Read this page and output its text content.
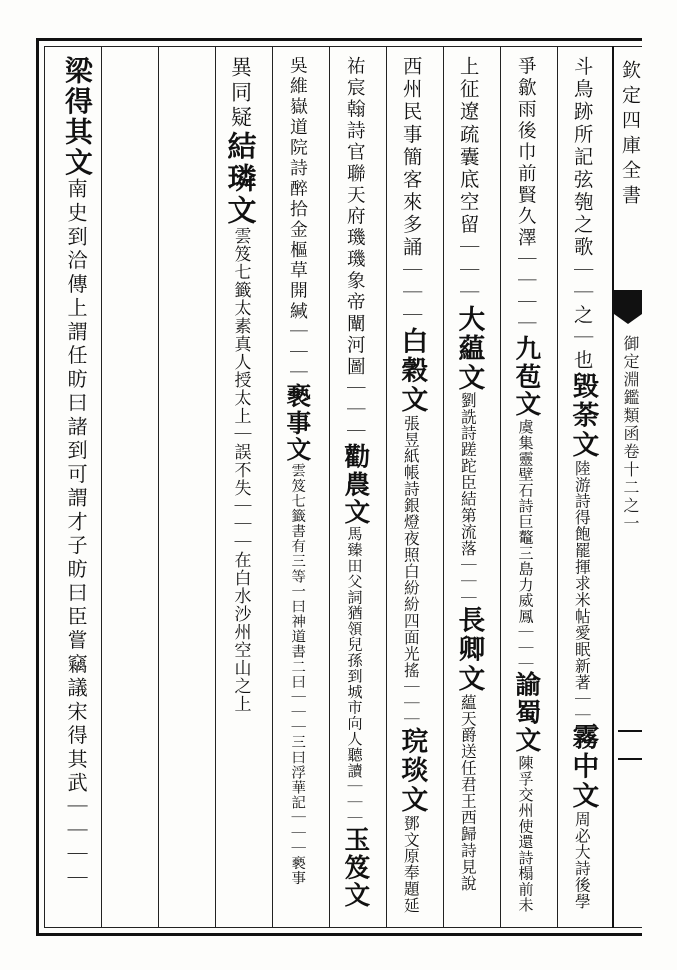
斗鳥跡所記弦匏之歌｜｜之｜也
毀荼文
陸游詩得飽罷揮求米帖愛眠新著｜｜
霧中文
周必大詩後學
爭歙雨後巾前賢久澤｜｜｜｜
九苞文
虞集靈壁石詩巨鼇三島力威鳳｜｜｜
諭蜀文
陳孚交州使還詩榻前未
上征遼疏囊底空留｜｜｜
大藴文
劉詵詩蹉跎臣結第流落｜｜｜
長卿文
藴天爵送任君王西歸詩見說
西州民事簡客來多誦｜｜｜
白穀文
張昱紙帳詩銀燈夜照白紛紛四面光搖｜｜｜
琓琰文
鄧文原奉題延
祐宸翰詩官聯天府璣璣象帝闡河圖｜｜｜
勸農文
馬臻田父詞猶領兒孫到城市向人聽讀｜｜｜
玉笈文
吳維嶽道院詩醉拾金樞草開緘｜｜｜
褻事文
雲笈七籤書有三等一曰神道書二曰｜｜｜三曰浮華記｜｜｜褻事
異同疑
結璘文
雲笈七籤太素真人授太上｜誤不失｜｜｜在白水沙州空山之上
梁得其文
南史到洽傳上謂任昉曰諸到可謂才子昉曰臣嘗竊議宋得其武｜｜｜｜
欽定四庫全書
御定淵鑑類函卷十二之一
